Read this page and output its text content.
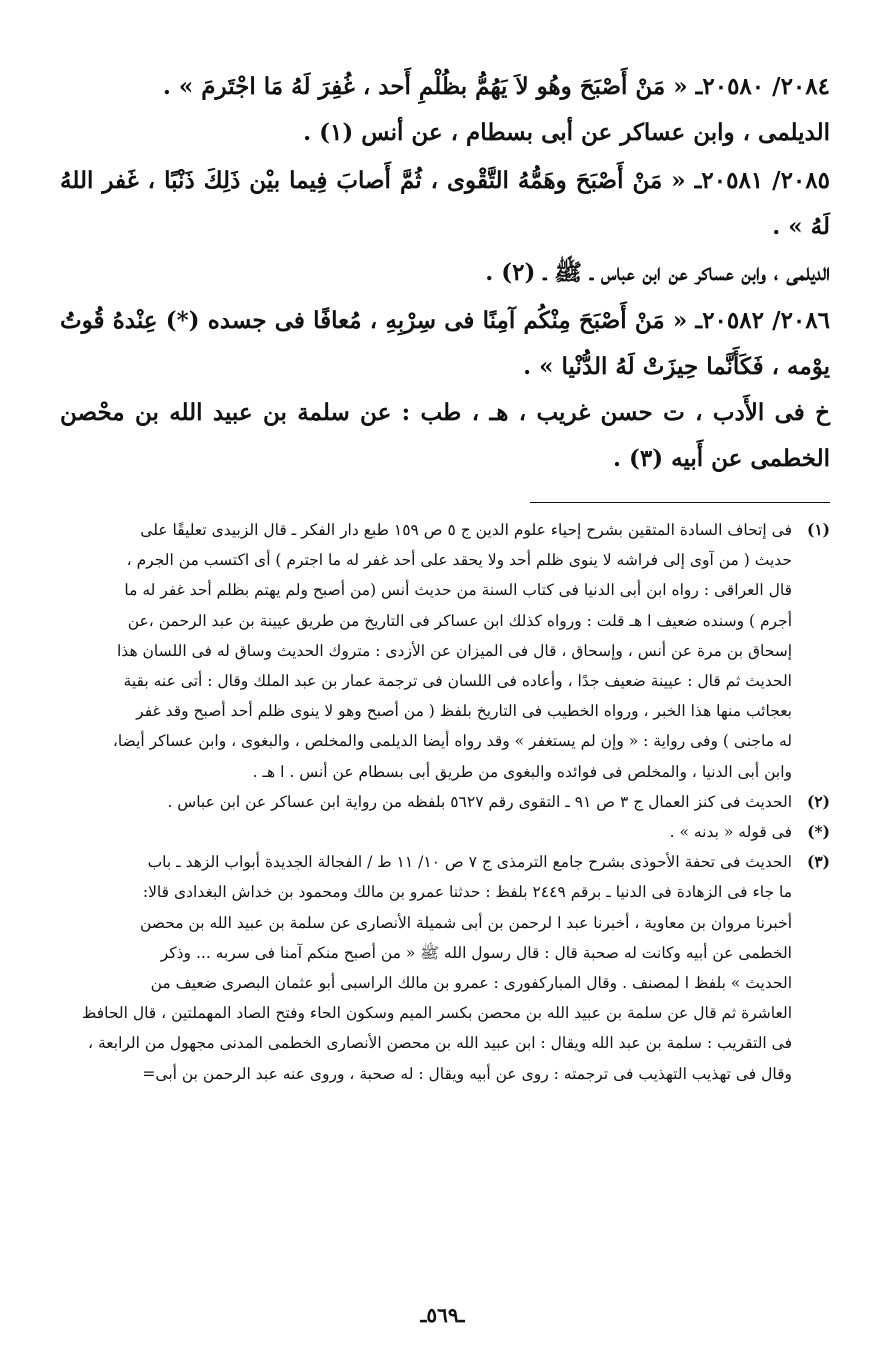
٢٠٨٤/ ٢٠٥٨٠ـ « مَنْ أَصْبَحَ وهُو لاَ يَهُمُّ بظُلْمِ أَحد ، غُفِرَ لَهُ مَا اجْتَرمَ » .

الديلمى ، وابن عساكر عن أبى بسطام ، عن أنس (١) .

٢٠٨٥/ ٢٠٥٨١ـ « مَنْ أَصْبَحَ وهَمُّهُ التَّقْوى ، ثُمَّ أَصابَ فِيما بيْن ذَلِكَ ذَنْبًا ، غَفر اللهُ لَهُ » .

الديلمى ، وابن عساكر عن ابن عباس ـ ﷺ ـ (٢) .

٢٠٨٦/ ٢٠٥٨٢ـ « مَنْ أَصْبَحَ مِنْكُم آمِنًا فى سِرْبِهِ ، مُعافًا فى جسده (*) عِنْدهُ قُوتُ يوْمه ، فَكَأَنَّما حِيزَتْ لَهُ الدُّنْيا » .

خ فى الأَدب ، ت حسن غريب ، هـ ، طب : عن سلمة بن عبيد الله بن محْصن الخطمى عن أَبيه (٣) .

(١)
فى إتحاف السادة المتقين بشرح إحياء علوم الدين ج ٥ ص ١٥٩ طبع دار الفكر ـ قال الزبيدى تعليقًا على
حديث ( من آوى إلى فراشه لا ينوى ظلم أحد ولا يحقد على أحد غفر له ما اجترم ) أى اكتسب من الجرم ،
قال العراقى : رواه ابن أبى الدنيا فى كتاب السنة من حديث أنس (من أصبح ولم يهتم بظلم أحد غفر له ما
أجرم ) وسنده ضعيف ا هـ قلت : ورواه كذلك ابن عساكر فى التاريخ من طريق عيينة بن عبد الرحمن ،عن
إسحاق بن مرة عن أنس ، وإسحاق ، قال فى الميزان عن الأزدى : متروك الحديث وساق له فى اللسان هذا
الحديث ثم قال : عيينة ضعيف جدًا ، وأعاده فى اللسان فى ترجمة عمار بن عبد الملك وقال : أتى عنه بقية
بعجائب منها هذا الخبر ، ورواه الخطيب فى التاريخ بلفظ ( من أصبح وهو لا ينوى ظلم أحد أصبح وقد غفر
له ماجنى ) وفى رواية : « وإن لم يستغفر » وقد رواه أيضا الديلمى والمخلص ، والبغوى ، وابن عساكر أيضا،
وابن أبى الدنيا ، والمخلص فى فوائده والبغوى من طريق أبى بسطام عن أنس . ا هـ .
(٢)
الحديث فى كنز العمال ج ٣ ص ٩١ ـ التقوى رقم ٥٦٢٧ بلفظه من رواية ابن عساكر عن ابن عباس .
(*)
فى قوله « بدنه » .
(٣)
الحديث فى تحفة الأحوذى بشرح جامع الترمذى ج ٧ ص ١٠/ ١١ ط / الفجالة الجديدة أبواب الزهد ـ باب
ما جاء فى الزهادة فى الدنيا ـ برقم ٢٤٤٩ بلفظ : حدثنا عمرو بن مالك ومحمود بن خداش البغدادى قالا:
أخبرنا مروان بن معاوية ، أخبرنا عبد ا لرحمن بن أبى شميلة الأنصارى عن سلمة بن عبيد الله بن محصن
الخطمى عن أبيه وكانت له صحبة قال : قال رسول الله ﷺ « من أصبح منكم آمنا فى سربه ... وذكر
الحديث » بلفظ ا لمصنف . وقال المباركفورى : عمرو بن مالك الراسبى أبو عثمان البصرى ضعيف من
العاشرة ثم قال عن سلمة بن عبيد الله بن محصن بكسر الميم وسكون الحاء وفتح الصاد المهملتين ، قال الحافظ
فى التقريب : سلمة بن عبد الله ويقال : ابن عبيد الله بن محصن الأنصارى الخطمى المدنى مجهول من الرابعة ،
وقال فى تهذيب التهذيب فى ترجمته : روى عن أبيه ويقال : له صحبة ، وروى عنه عبد الرحمن بن أبى=
ـ٥٦٩ـ
